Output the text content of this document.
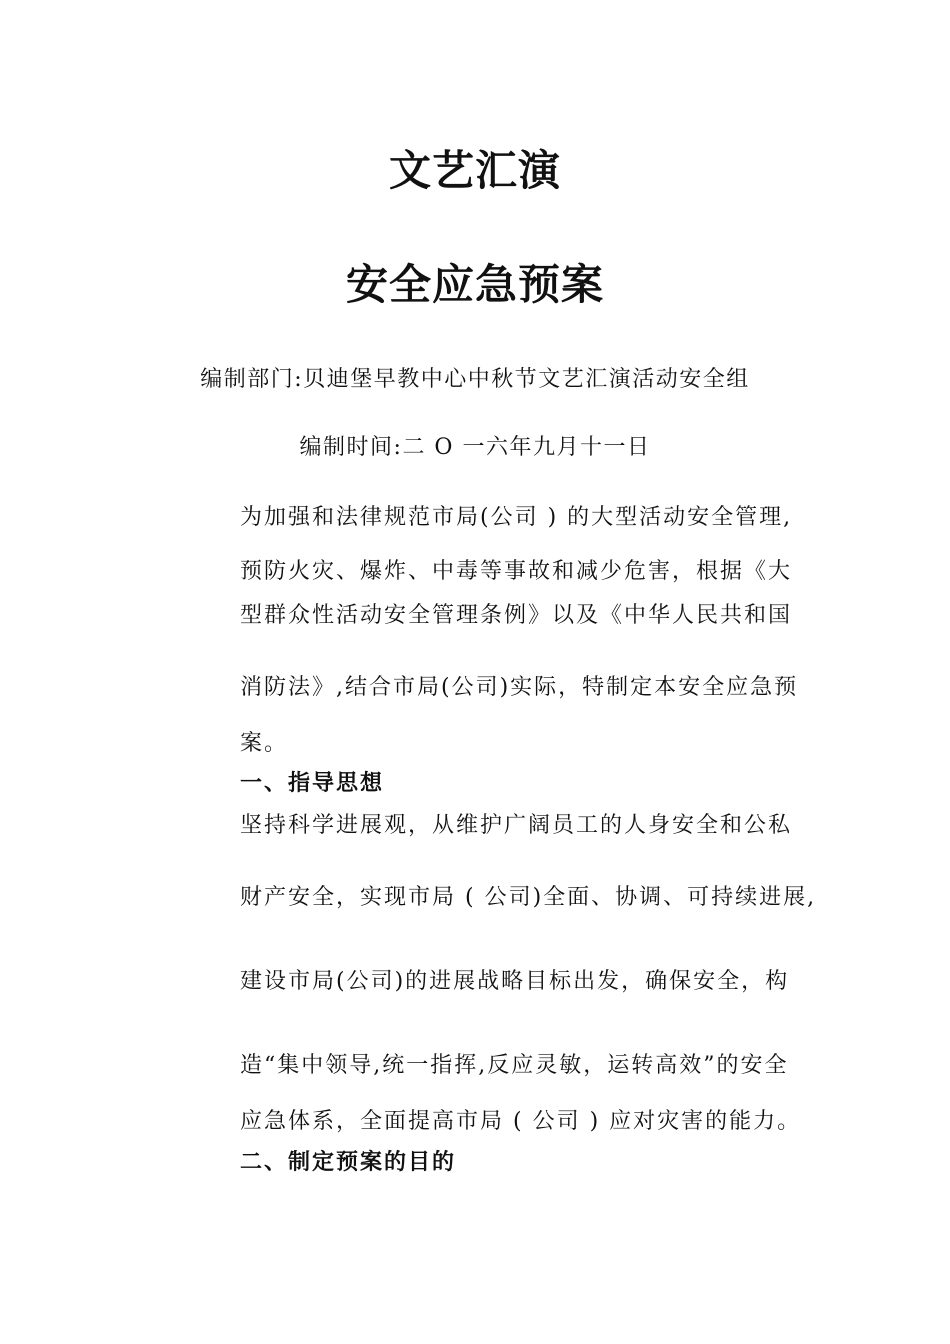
文艺汇演
安全应急预案
编制部门:贝迪堡早教中心中秋节文艺汇演活动安全组
编制时间:二 O 一六年九月十一日
为加强和法律规范市局(公司 ) 的大型活动安全管理,
预防火灾、爆炸、中毒等事故和减少危害，根据《大
型群众性活动安全管理条例》以及《中华人民共和国
消防法》,结合市局(公司)实际，特制定本安全应急预
案。
一、指导思想
坚持科学进展观，从维护广阔员工的人身安全和公私
财产安全，实现市局 ( 公司)全面、协调、可持续进展,
建设市局(公司)的进展战略目标出发，确保安全，构
造“集中领导,统一指挥,反应灵敏，运转高效”的安全
应急体系，全面提高市局 ( 公司 ) 应对灾害的能力。
二、制定预案的目的
